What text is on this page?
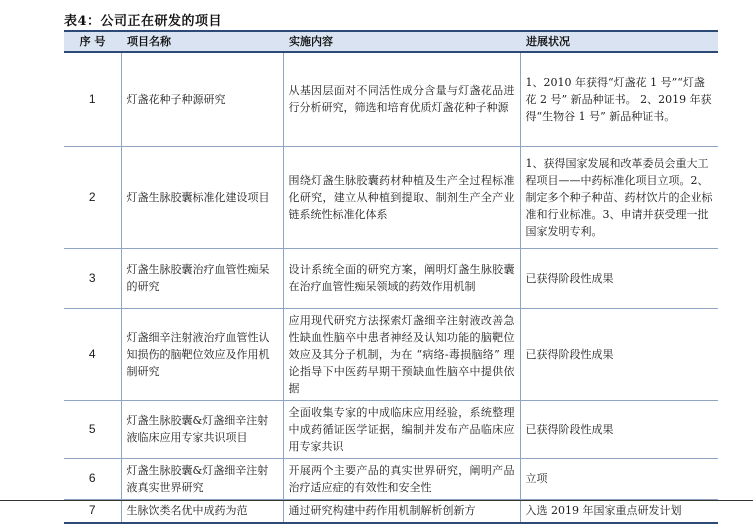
表4：公司正在研发的项目
序 号	项目名称	实施内容	进展状况
1	灯盏花种子种源研究	从基因层面对不同活性成分含量与灯盏花品进行分析研究，筛选和培育优质灯盏花种子种源	1、2010 年获得“灯盏花 1 号”“灯盏花 2 号” 新品种证书。 2、2019 年获得“生物谷 1 号” 新品种证书。
2	灯盏生脉胶囊标准化建设项目	围绕灯盏生脉胶囊药材种植及生产全过程标准化研究，建立从种植到提取、制剂生产全产业链系统性标准化体系	1、获得国家发展和改革委员会重大工程项目——中药标准化项目立项。2、制定多个种子种苗、药材饮片的企业标准和行业标准。3、申请并获受理一批国家发明专利。
3	灯盏生脉胶囊治疗血管性痴呆的研究	设计系统全面的研究方案，阐明灯盏生脉胶囊在治疗血管性痴呆领域的药效作用机制	已获得阶段性成果
4	灯盏细辛注射液治疗血管性认知损伤的脑靶位效应及作用机制研究	应用现代研究方法探索灯盏细辛注射液改善急性缺血性脑卒中患者神经及认知功能的脑靶位效应及其分子机制，为在 “病络-毒损脑络” 理论指导下中医药早期干预缺血性脑卒中提供依据	已获得阶段性成果
5	灯盏生脉胶囊&灯盏细辛注射液临床应用专家共识项目	全面收集专家的中成临床应用经验，系统整理中成药循证医学证据，编制并发布产品临床应用专家共识	已获得阶段性成果
6	灯盏生脉胶囊&灯盏细辛注射液真实世界研究	开展两个主要产品的真实世界研究，阐明产品治疗适应症的有效性和安全性	立项
7	生脉饮类名优中成药为范	通过研究构建中药作用机制解析创新方	入选 2019 年国家重点研发计划
